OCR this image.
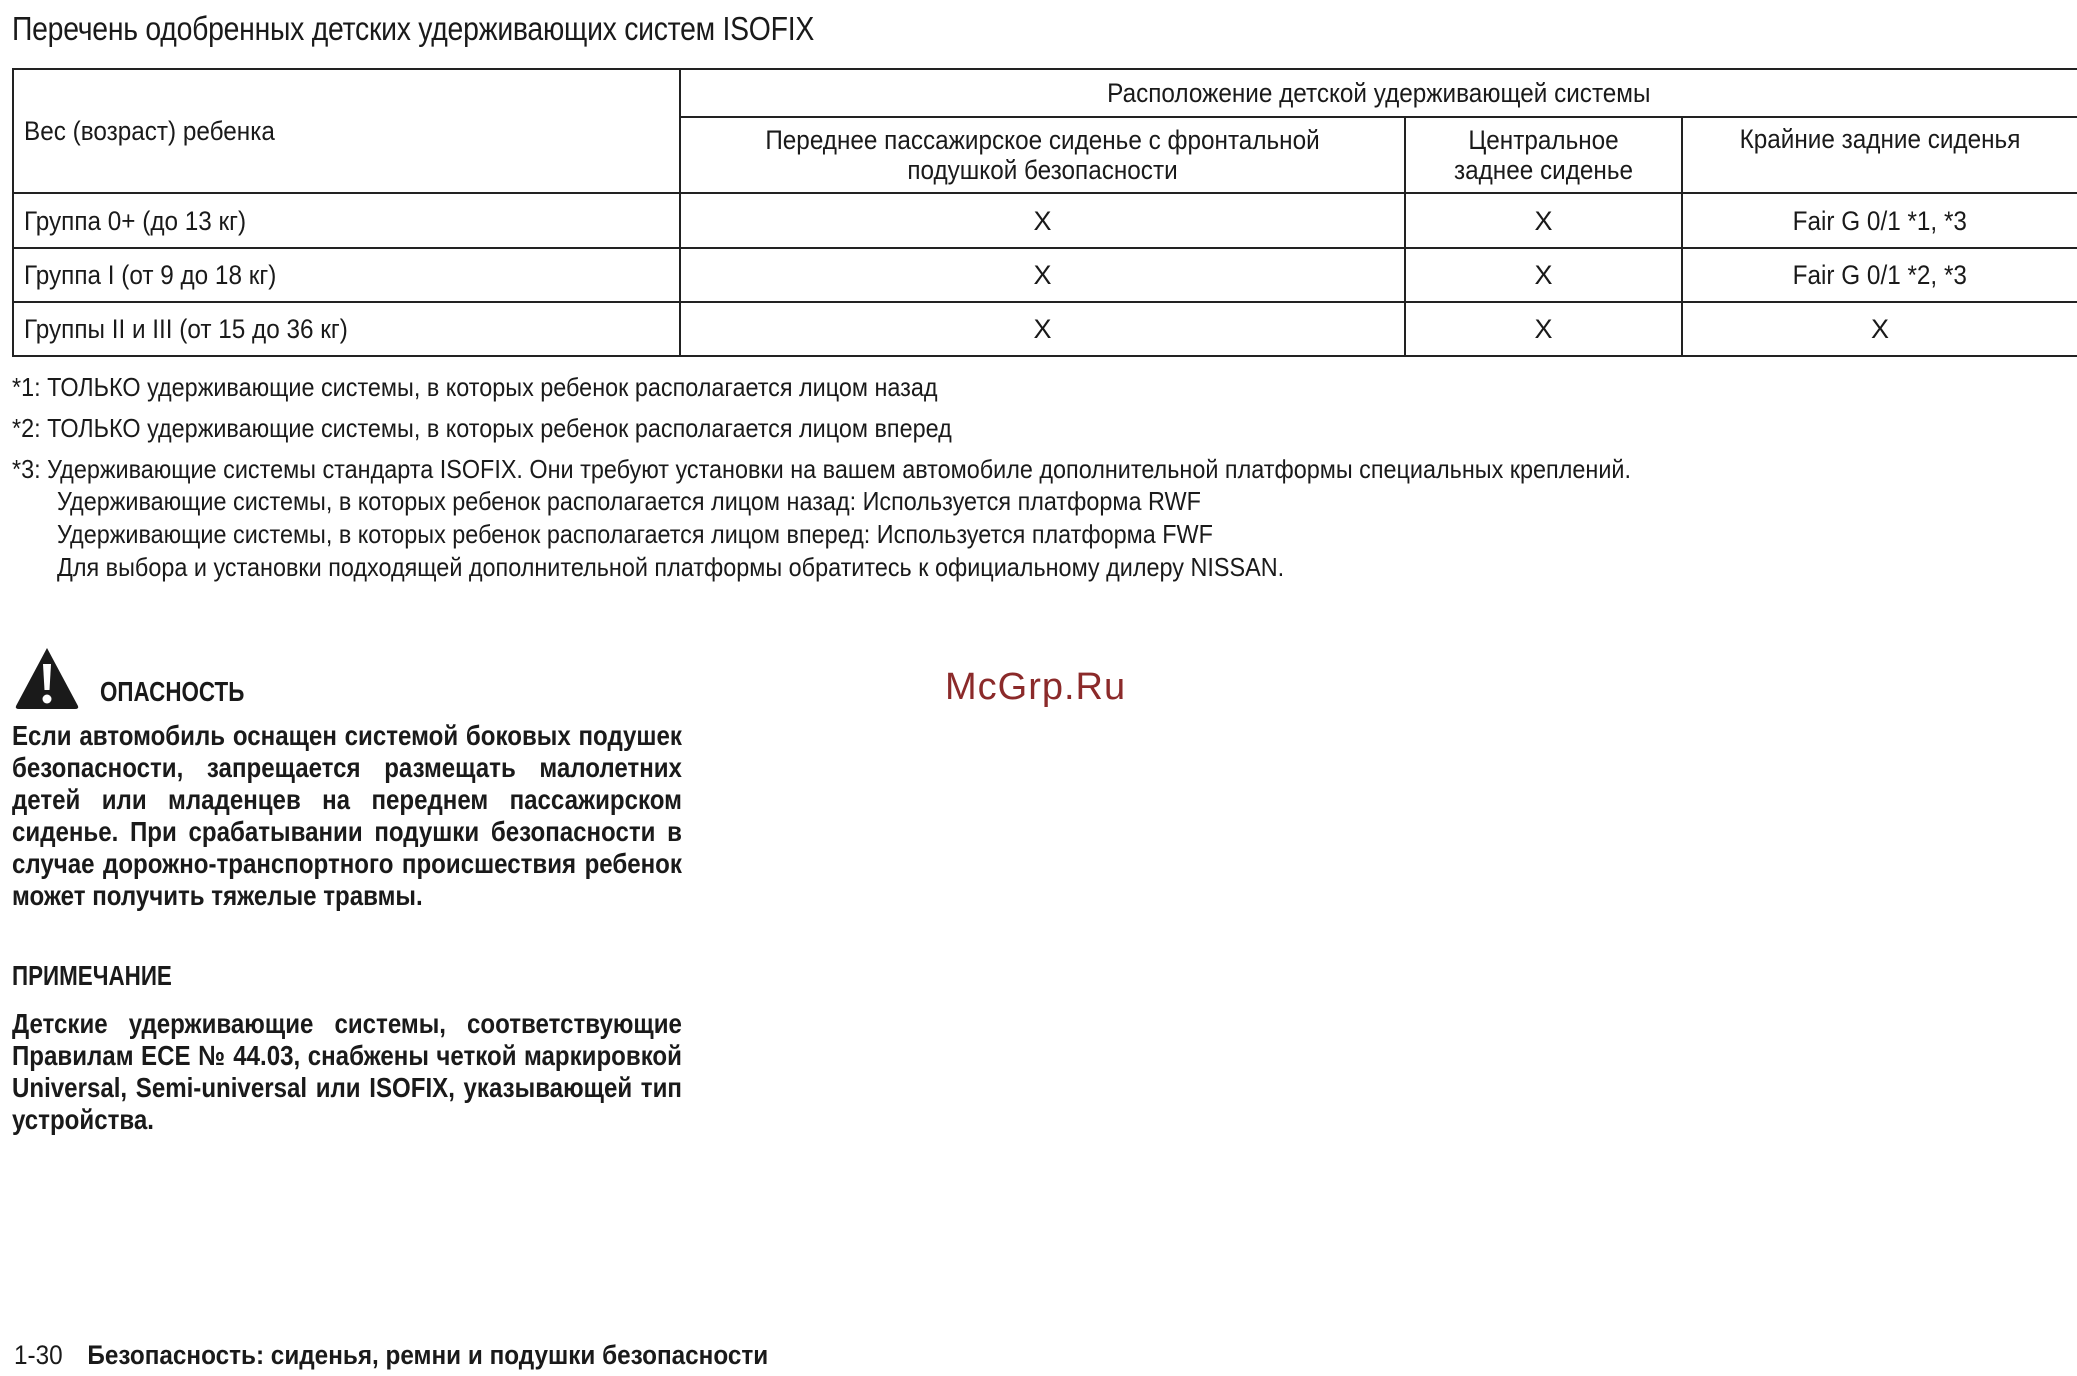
Перечень одобренных детских удерживающих систем ISOFIX
Вес (возраст) ребенка	Расположение детской удерживающей системы		
	Переднее пассажирское сиденье с фронтальной подушкой безопасности	Центральное заднее сиденье	Крайние задние сиденья
Группа 0+ (до 13 кг)	X	X	Fair G 0/1 *1, *3
Группа I (от 9 до 18 кг)	X	X	Fair G 0/1 *2, *3
Группы II и III (от 15 до 36 кг)	X	X	X
*1: ТОЛЬКО удерживающие системы, в которых ребенок располагается лицом назад
*2: ТОЛЬКО удерживающие системы, в которых ребенок располагается лицом вперед
*3: Удерживающие системы стандарта ISOFIX. Они требуют установки на вашем автомобиле дополнительной платформы специальных креплений.
Удерживающие системы, в которых ребенок располагается лицом назад: Используется платформа RWF
Удерживающие системы, в которых ребенок располагается лицом вперед: Используется платформа FWF
Для выбора и установки подходящей дополнительной платформы обратитесь к официальному дилеру NISSAN.
ОПАСНОСТЬ
Если автомобиль оснащен системой боковых подушек безопасности, запрещается размещать малолетних детей или младенцев на переднем пассажирском сиденье. При срабатывании подушки безопасности в случае дорожно-транспортного происшествия ребенок может получить тяжелые травмы.
ПРИМЕЧАНИЕ
Детские удерживающие системы, соответствующие Правилам ЕСЕ № 44.03, снабжены четкой маркировкой Universal, Semi-universal или ISOFIX, указывающей тип устройства.
McGrp.Ru
1-30 Безопасность: сиденья, ремни и подушки безопасности
